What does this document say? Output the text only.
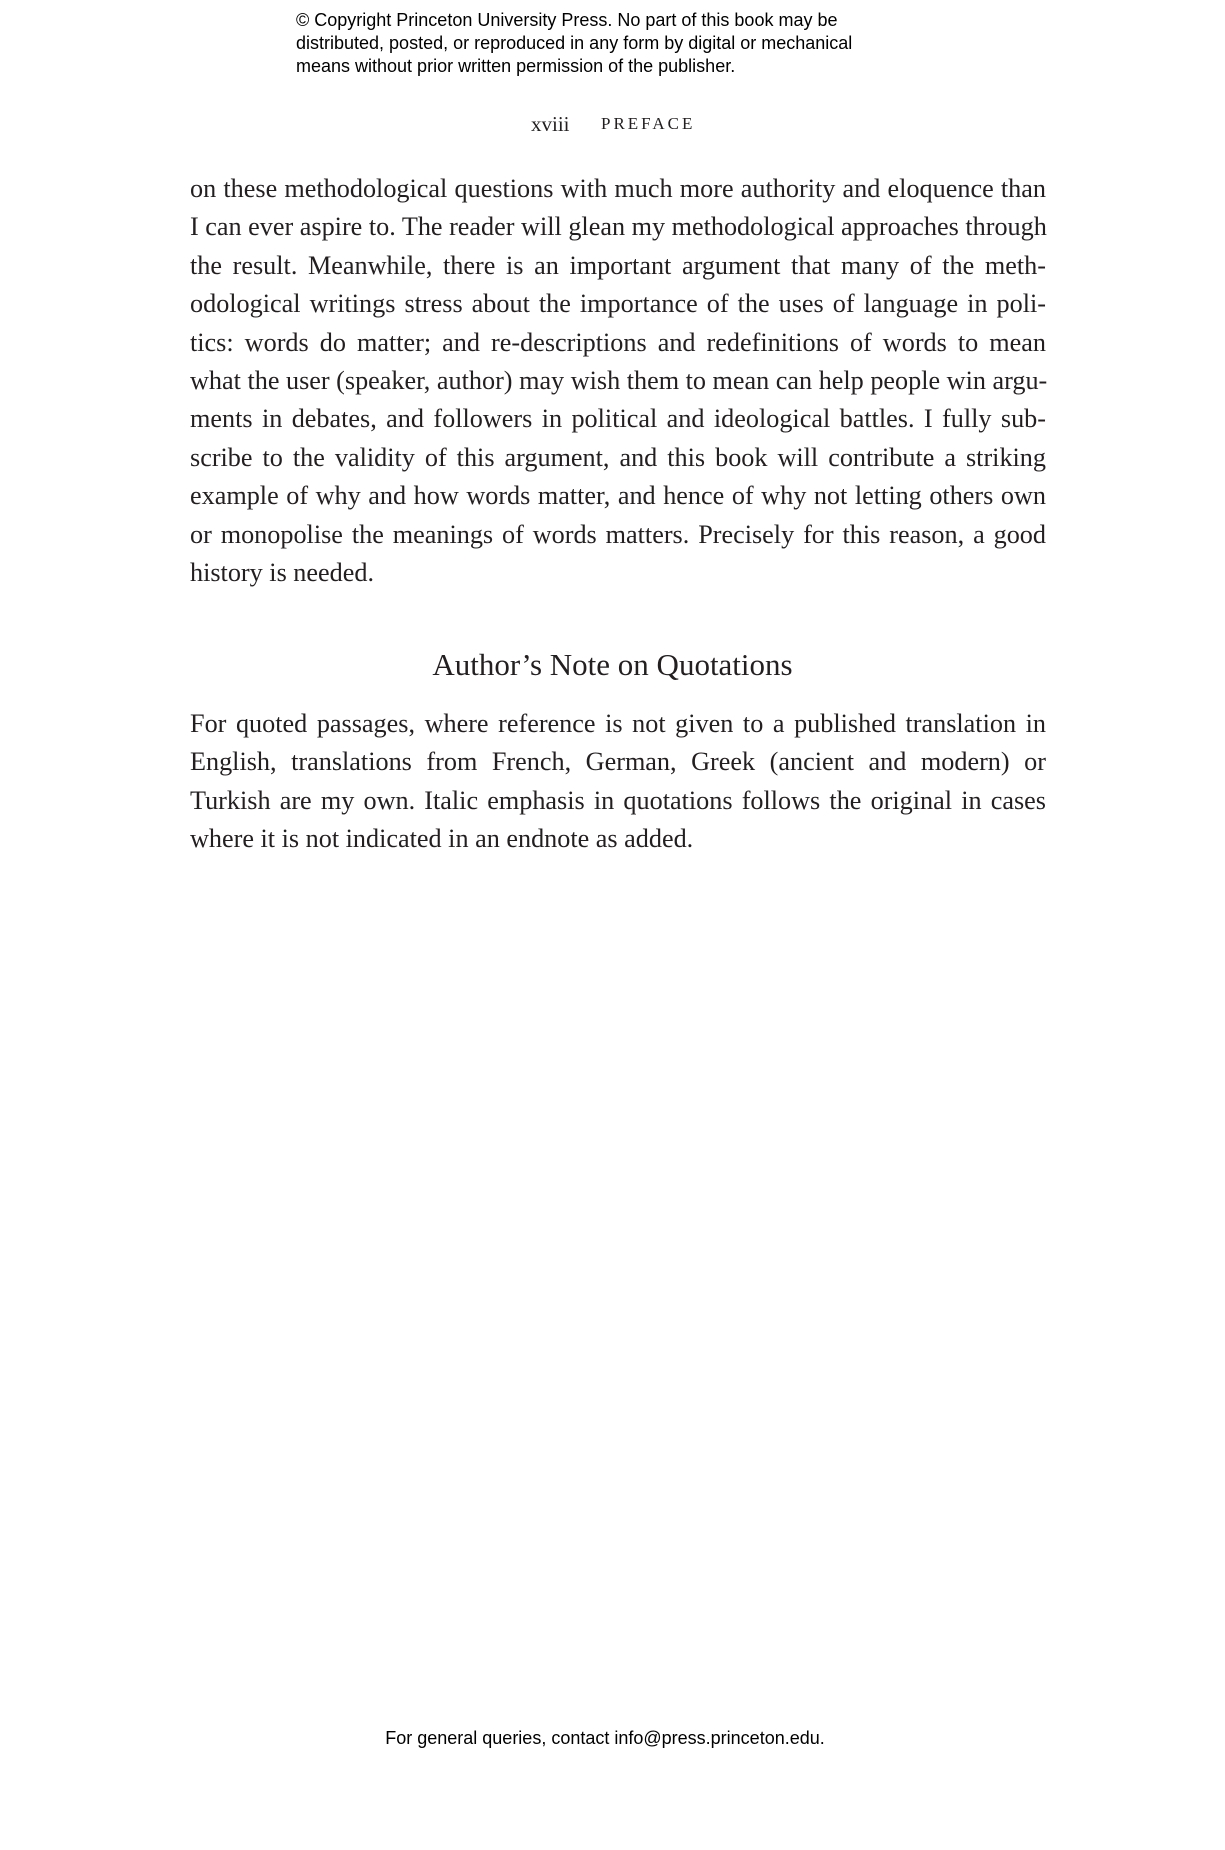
© Copyright Princeton University Press. No part of this book may be
distributed, posted, or reproduced in any form by digital or mechanical
means without prior written permission of the publisher.
xviii PREFACE
on these methodological questions with much more authority and eloquence than
I can ever aspire to. The reader will glean my methodological approaches through
the result. Meanwhile, there is an important argument that many of the meth-
odological writings stress about the importance of the uses of language in poli-
tics: words do matter; and re-descriptions and redefinitions of words to mean
what the user (speaker, author) may wish them to mean can help people win argu-
ments in debates, and followers in political and ideological battles. I fully sub-
scribe to the validity of this argument, and this book will contribute a striking
example of why and how words matter, and hence of why not letting others own
or monopolise the meanings of words matters. Precisely for this reason, a good
history is needed.
Author’s Note on Quotations
For quoted passages, where reference is not given to a published translation in
English, translations from French, German, Greek (ancient and modern) or
Turkish are my own. Italic emphasis in quotations follows the original in cases
where it is not indicated in an endnote as added.
For general queries, contact info@press.princeton.edu.
